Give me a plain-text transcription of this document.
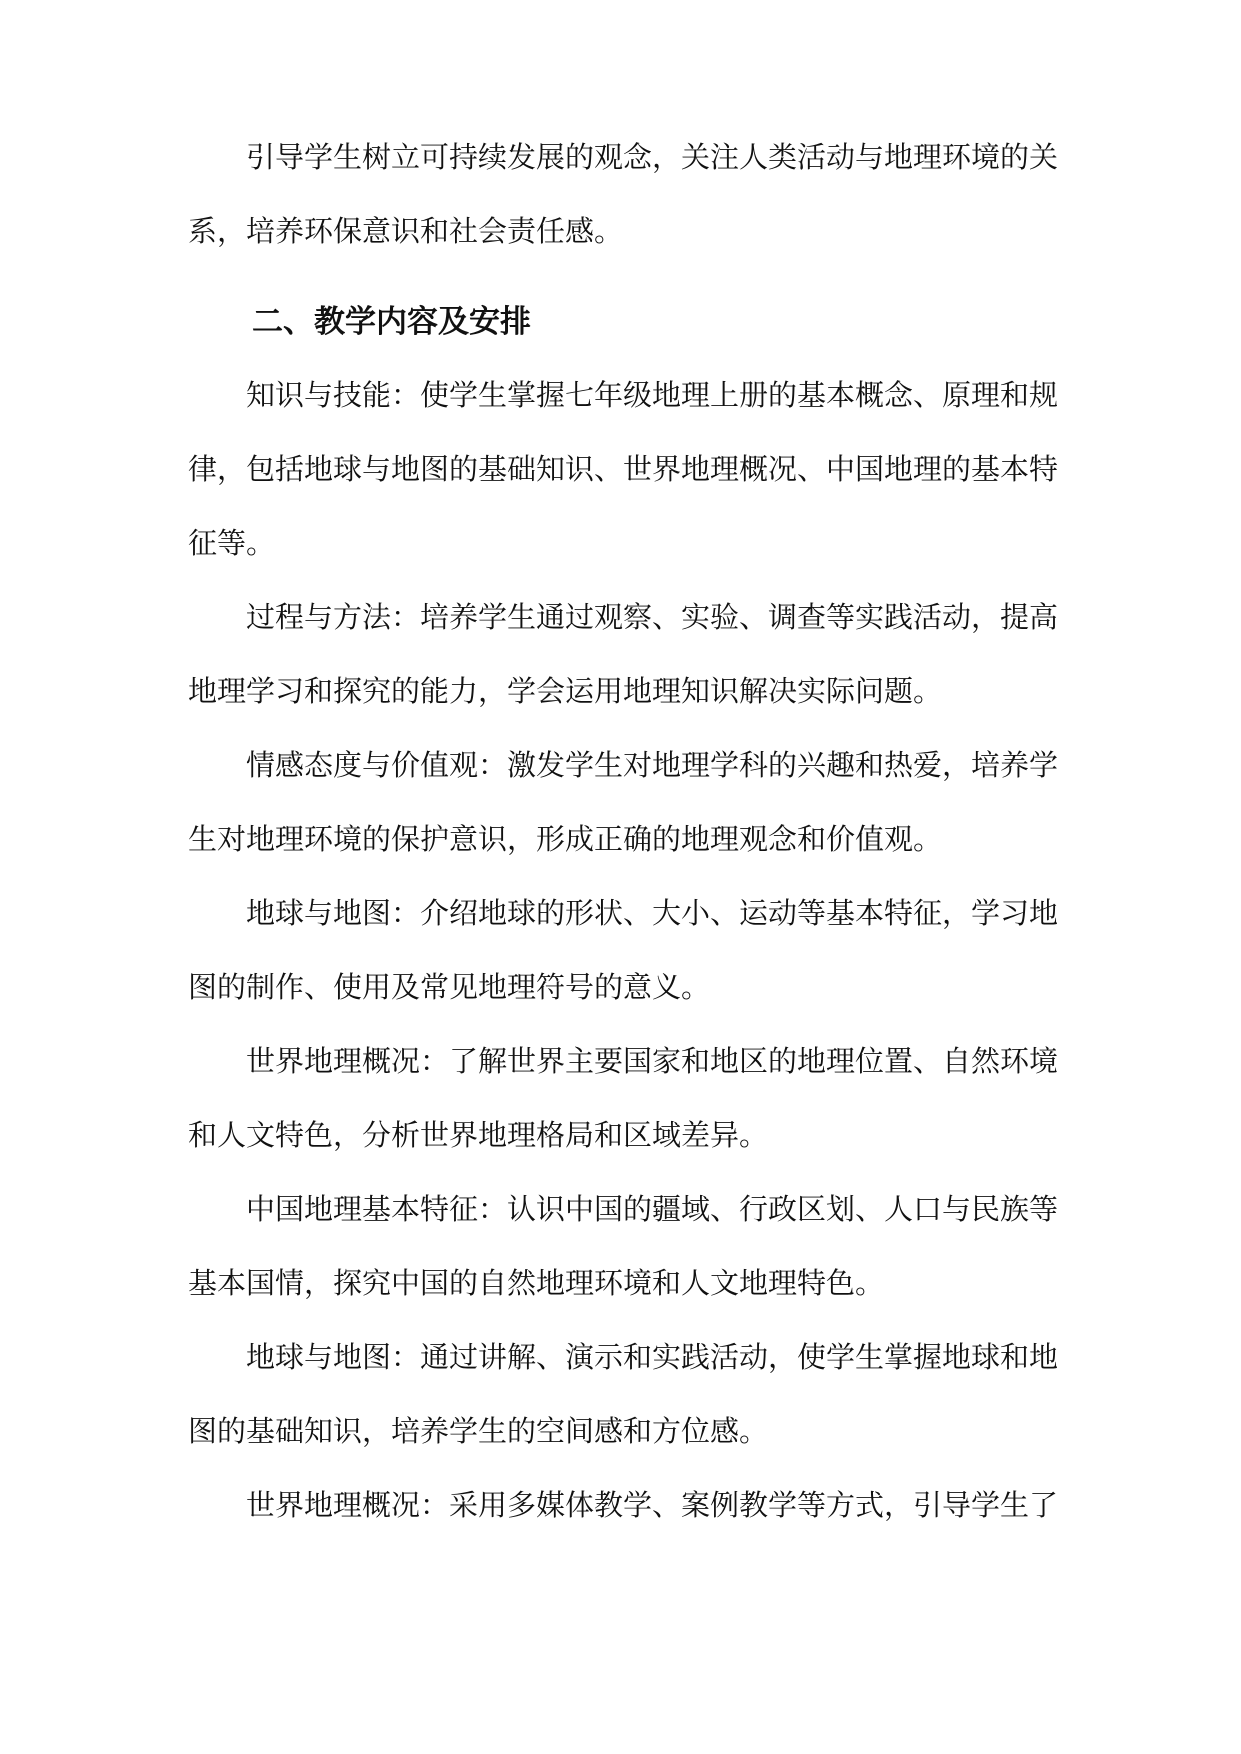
引导学生树立可持续发展的观念，关注人类活动与地理环境的关系，培养环保意识和社会责任感。

二、教学内容及安排

知识与技能：使学生掌握七年级地理上册的基本概念、原理和规律，包括地球与地图的基础知识、世界地理概况、中国地理的基本特征等。

过程与方法：培养学生通过观察、实验、调查等实践活动，提高地理学习和探究的能力，学会运用地理知识解决实际问题。

情感态度与价值观：激发学生对地理学科的兴趣和热爱，培养学生对地理环境的保护意识，形成正确的地理观念和价值观。

地球与地图：介绍地球的形状、大小、运动等基本特征，学习地图的制作、使用及常见地理符号的意义。

世界地理概况：了解世界主要国家和地区的地理位置、自然环境和人文特色，分析世界地理格局和区域差异。

中国地理基本特征：认识中国的疆域、行政区划、人口与民族等基本国情，探究中国的自然地理环境和人文地理特色。

地球与地图：通过讲解、演示和实践活动，使学生掌握地球和地图的基础知识，培养学生的空间感和方位感。

世界地理概况：采用多媒体教学、案例教学等方式，引导学生了
